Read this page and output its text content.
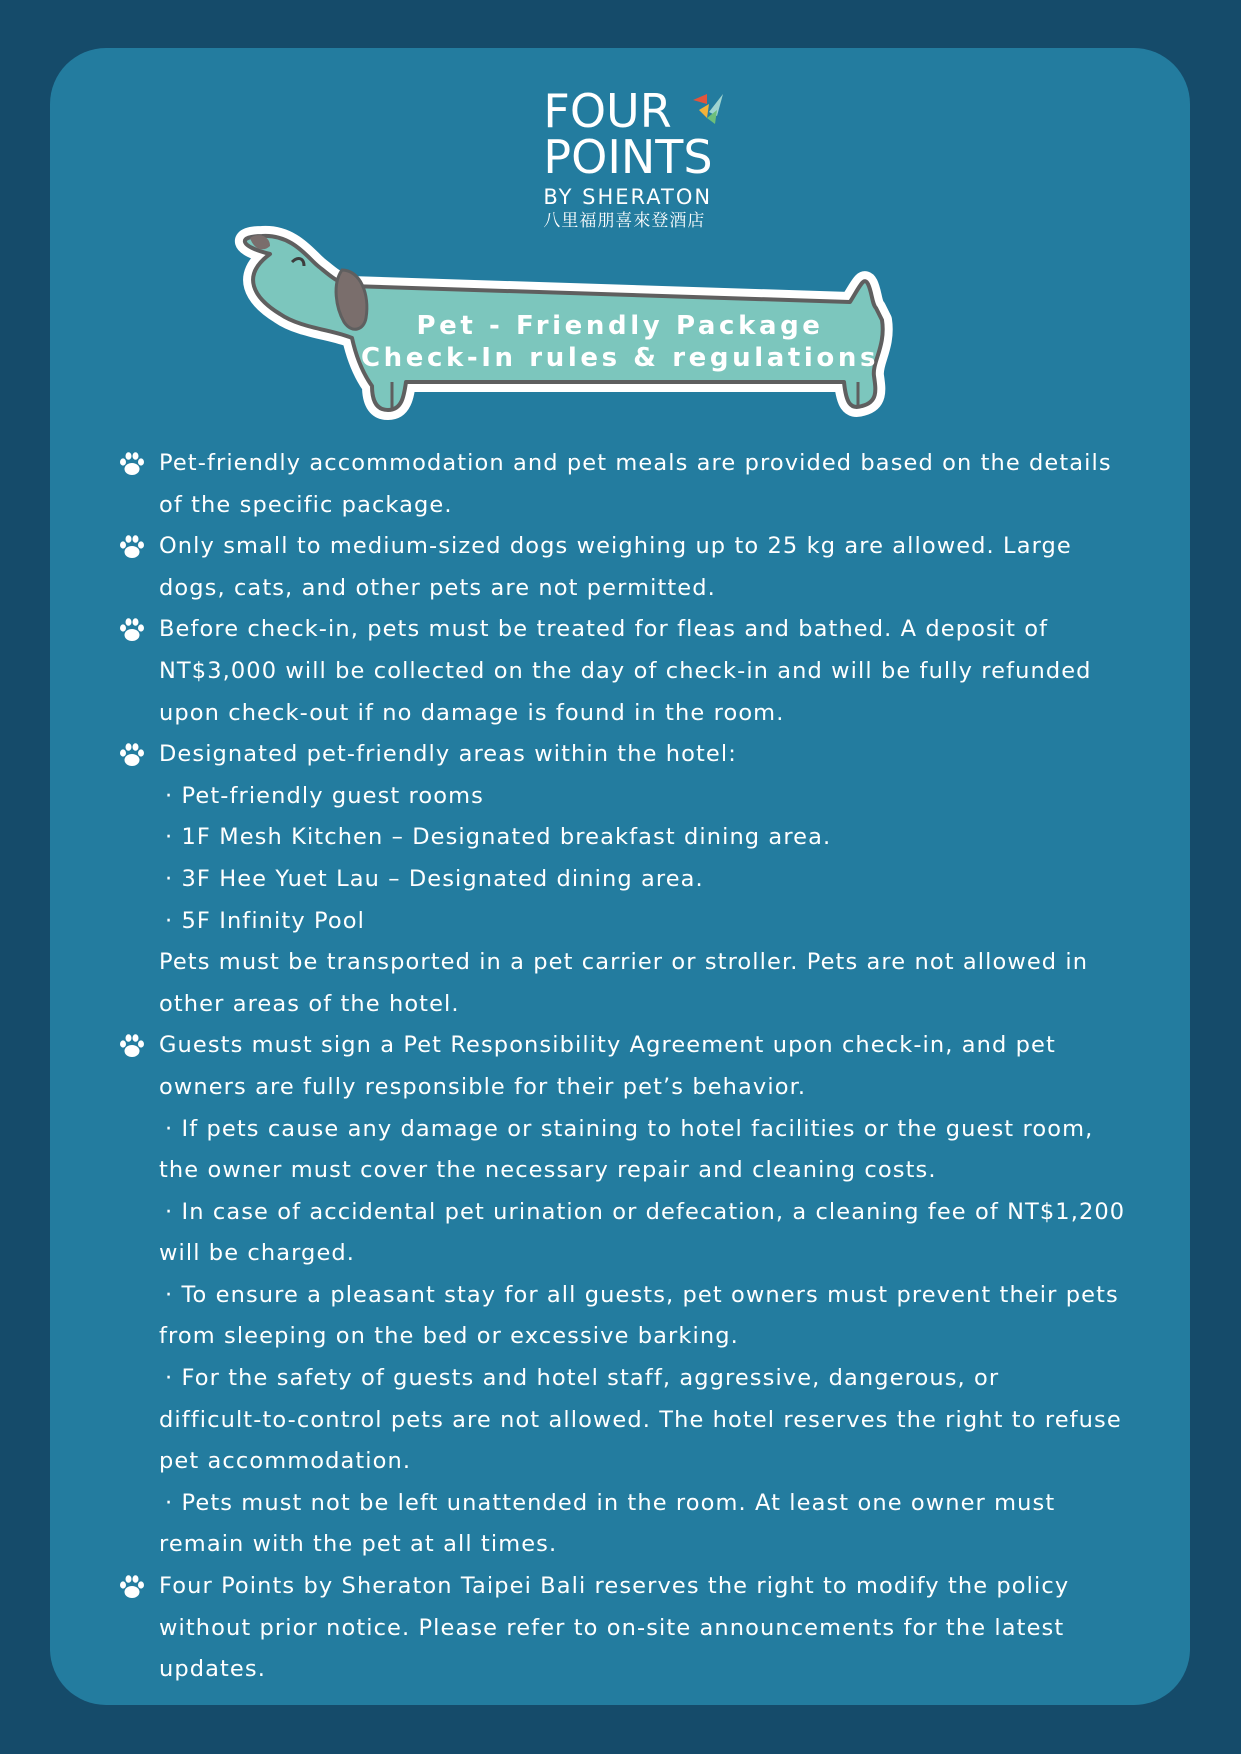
FOUR
POINTS
BY SHERATON
八里福朋喜來登酒店
Pet - Friendly Package
Check-In rules & regulations
Pet-friendly accommodation and pet meals are provided based on the details
of the specific package.
Only small to medium-sized dogs weighing up to 25 kg are allowed. Large
dogs, cats, and other pets are not permitted.
Before check-in, pets must be treated for fleas and bathed. A deposit of
NT$3,000 will be collected on the day of check-in and will be fully refunded
upon check-out if no damage is found in the room.
Designated pet-friendly areas within the hotel:
· Pet-friendly guest rooms
· 1F Mesh Kitchen – Designated breakfast dining area.
· 3F Hee Yuet Lau – Designated dining area.
· 5F Infinity Pool
Pets must be transported in a pet carrier or stroller. Pets are not allowed in
other areas of the hotel.
Guests must sign a Pet Responsibility Agreement upon check-in, and pet
owners are fully responsible for their pet’s behavior.
· If pets cause any damage or staining to hotel facilities or the guest room,
the owner must cover the necessary repair and cleaning costs.
· In case of accidental pet urination or defecation, a cleaning fee of NT$1,200
will be charged.
· To ensure a pleasant stay for all guests, pet owners must prevent their pets
from sleeping on the bed or excessive barking.
· For the safety of guests and hotel staff, aggressive, dangerous, or
difficult-to-control pets are not allowed. The hotel reserves the right to refuse
pet accommodation.
· Pets must not be left unattended in the room. At least one owner must
remain with the pet at all times.
Four Points by Sheraton Taipei Bali reserves the right to modify the policy
without prior notice. Please refer to on-site announcements for the latest
updates.
